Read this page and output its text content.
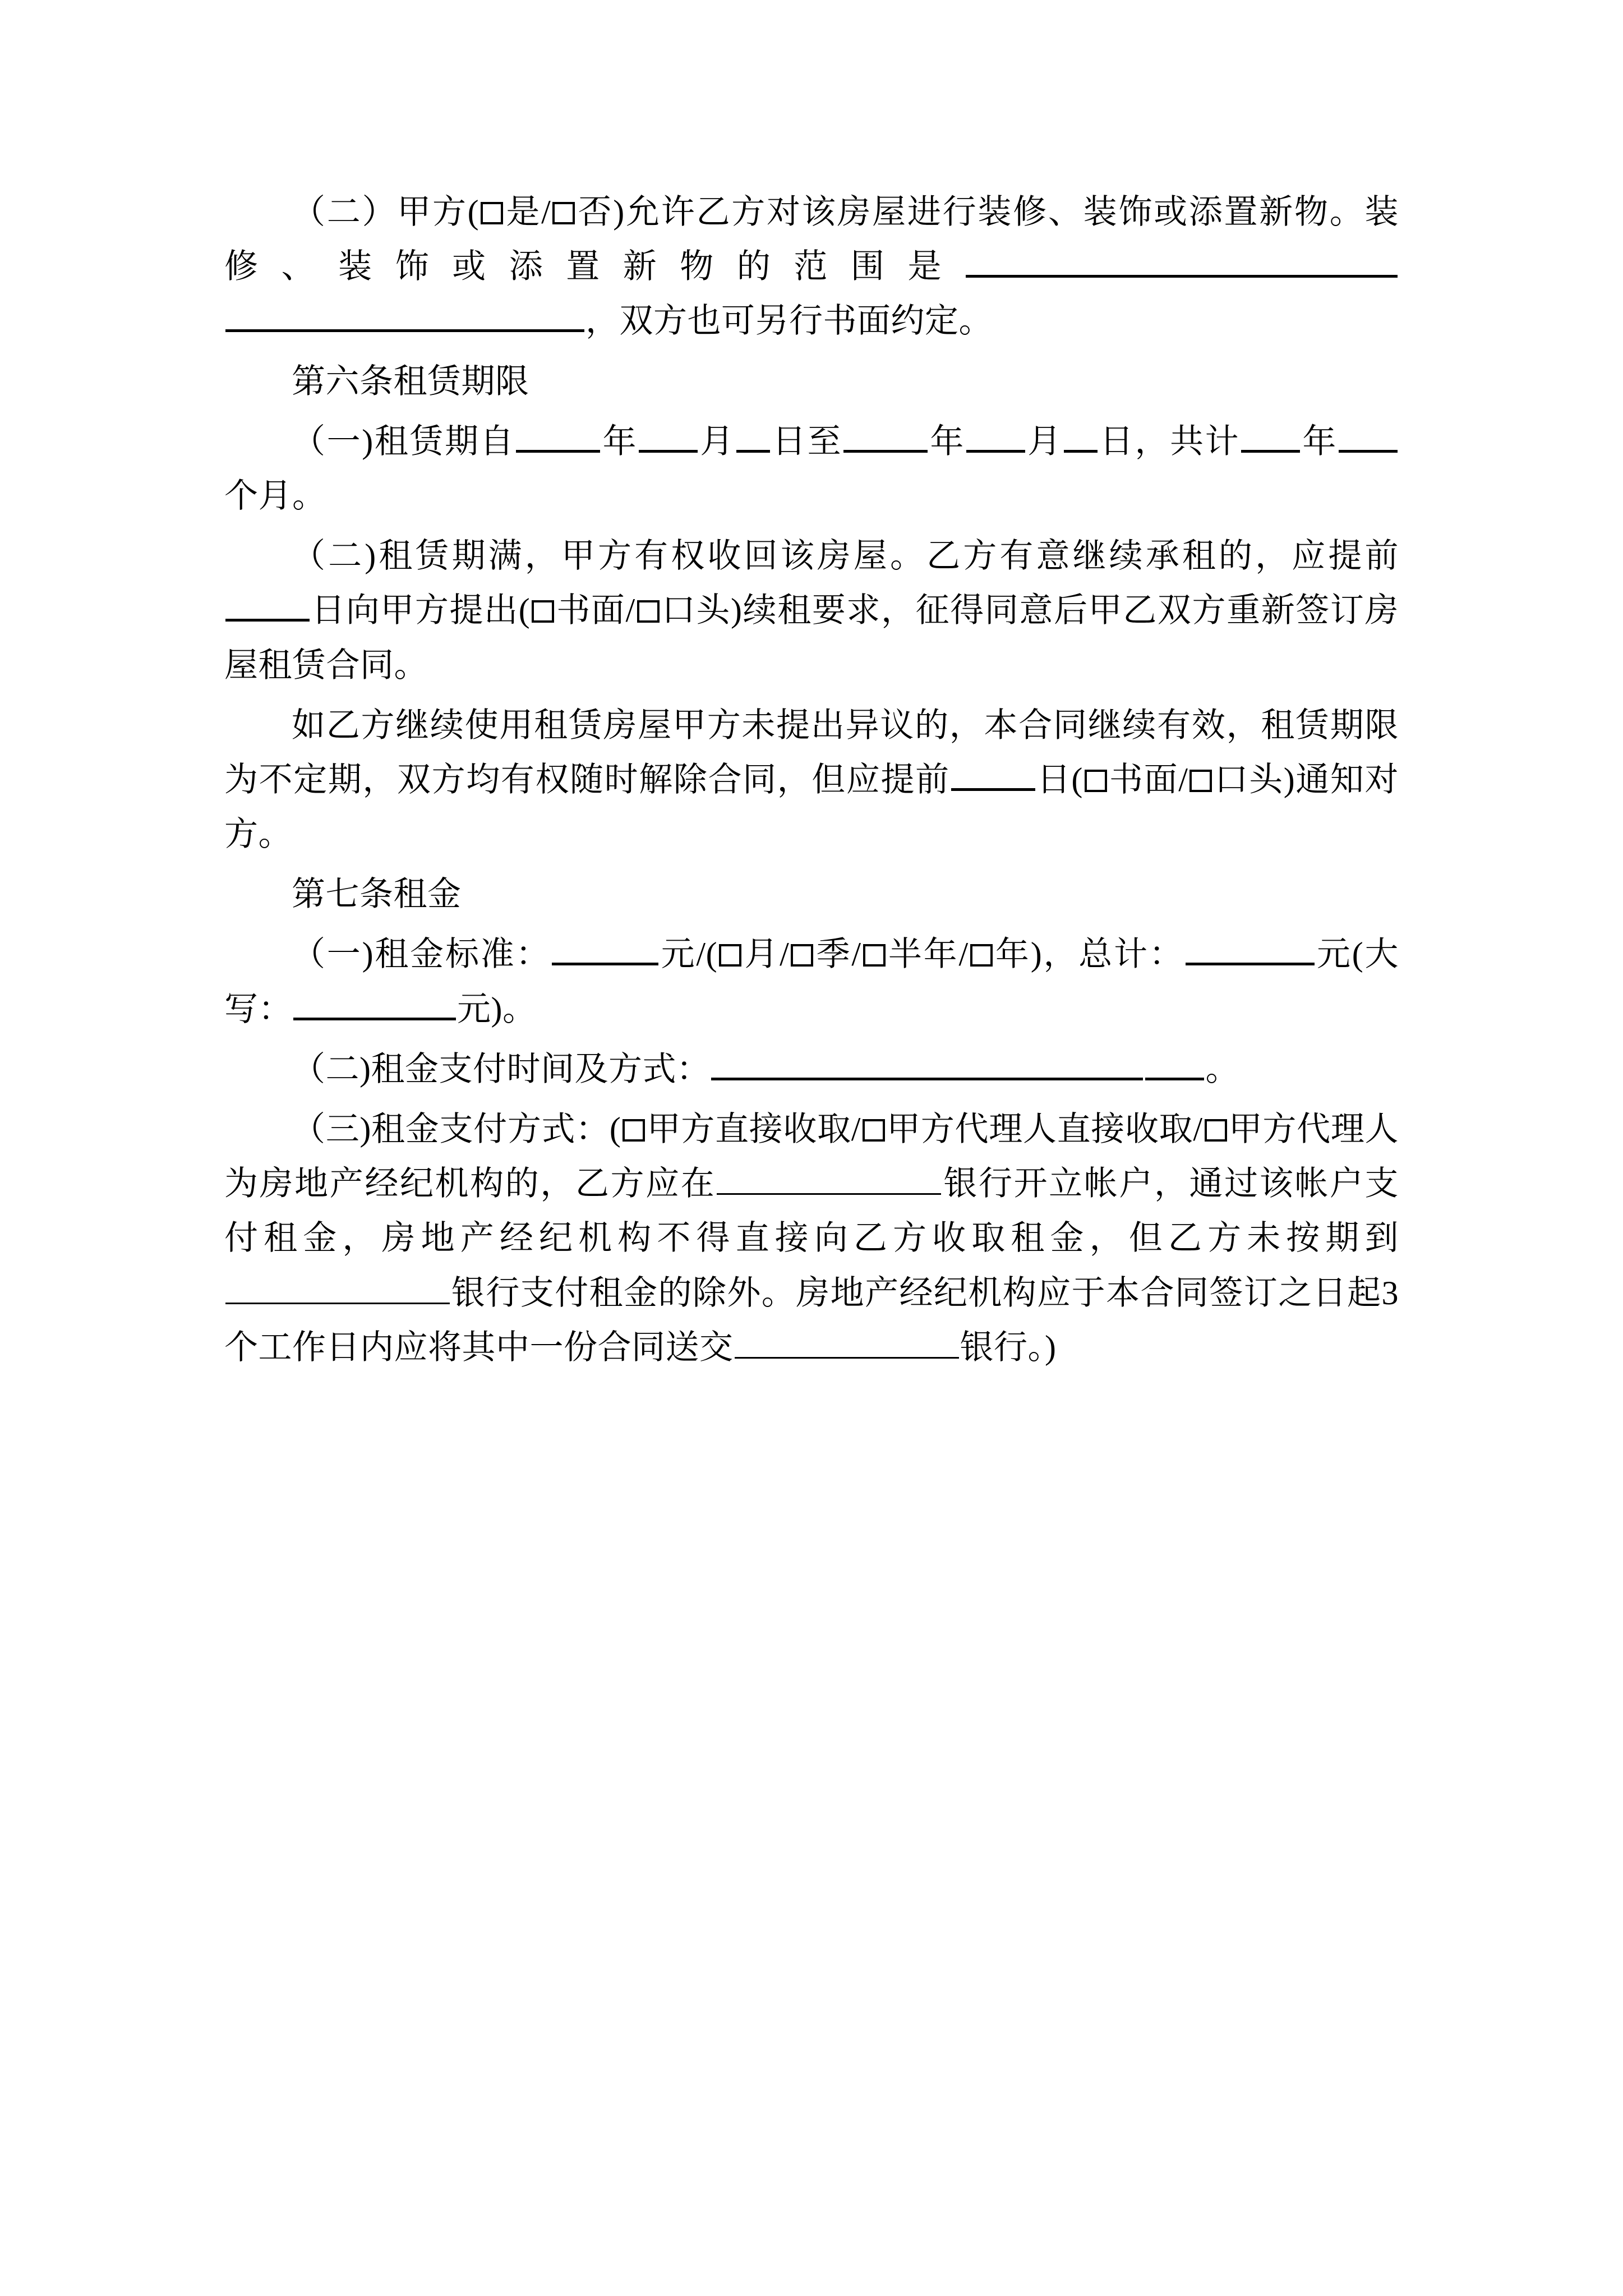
（二）甲方( 是/ 否)允许乙方对该房屋进行装修、装饰或添置新物。装修、装饰或添置新物的范围是，双方也可另行书面约定。

第六条租赁期限

（一)租赁期自	年 月 日至	年 月 日，共计 年个月。

（二)租赁期满，甲方有权收回该房屋。乙方有意继续承租的，应提前日向甲方提出( 书面/ 口头)续租要求，征得同意后甲乙双方重新签订房屋租赁合同。

如乙方继续使用租赁房屋甲方未提出异议的，本合同继续有效，租赁期限为不定期，双方均有权随时解除合同，但应提前	日( 书面/ 口头)通知对方。

第七条租金

（一)租金标准：	元/( 月/ 季/ 半年/ 年)，总计：	元(大写：	元)。

（二)租金支付时间及方式：	。

（三)租金支付方式：( 甲方直接收取/ 甲方代理人直接收取/ 甲方代理人为房地产经纪机构的，乙方应在	银行开立帐户，通过该帐户支付租金，房地产经纪机构不得直接向乙方收取租金，但乙方未按期到银行支付租金的除外。房地产经纪机构应于本合同签订之日起3个工作日内应将其中一份合同送交	银行。)
